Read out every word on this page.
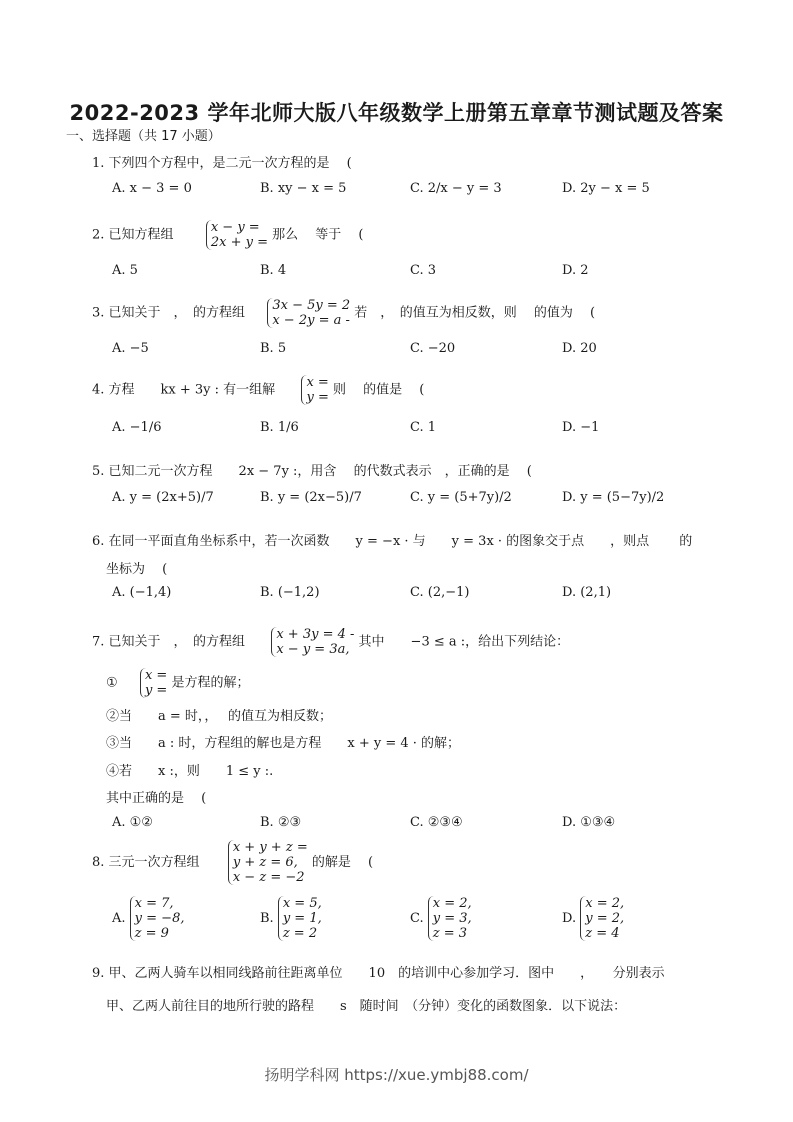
2022-2023 学年北师大版八年级数学上册第五章章节测试题及答案
一、选择题（共 17 小题）
1. 下列四个方程中，是二元一次方程的是　 (
A. x − 3 = 0	B. xy − x = 5	C. 2/x − y = 3	D. 2y − x = 5
2. 已知方程组	x − y =
2x + y = 那么　 等于　 (
A. 5	B. 4	C. 3	D. 2
3. 已知关于　，　的方程组 3x − 5y = 2
x − 2y = a - 若　，　的值互为相反数，则　 的值为　 (
A. −5	B. 5	C. −20	D. 20
4. 方程　　kx + 3y : 有一组解 x =
y = 则　 的值是　 (
A. −1/6	B. 1/6	C. 1	D. −1
5. 已知二元一次方程　　2x − 7y :，用含　 的代数式表示　，正确的是　 (
A. y = (2x+5)/7	B. y = (2x−5)/7	C. y = (5+7y)/2	D. y = (5−7y)/2
6. 在同一平面直角坐标系中，若一次函数　　y = −x · 与　　y = 3x · 的图象交于点　　，则点　　 的
坐标为　 (
A. (−1,4)	B. (−1,2)	C. (2,−1)	D. (2,1)
7. 已知关于　，　的方程组 x + 3y = 4 -
x − y = 3a, 其中　　−3 ≤ a :，给出下列结论：
① x =
y = 是方程的解；
②当　　a = 时，，　 的值互为相反数；
③当　　a : 时，方程组的解也是方程　　x + y = 4 · 的解；
④若　　x :，则　　1 ≤ y :.
其中正确的是　 (
A. ①②	B. ②③	C. ②③④	D. ①③④
8. 三元一次方程组  x + y + z =
y + z = 6,
x − z = −2 的解是　 (
A. x = 7,
y = −8,
z = 9
B. x = 5,
y = 1,
z = 2
C. x = 2,
y = 3,
z = 3
D. x = 2,
y = 2,
z = 4
9. 甲、乙两人骑车以相同线路前往距离单位　　10　的培训中心参加学习．图中　　，　　分别表示
甲、乙两人前往目的地所行驶的路程　　s　随时间　（分钟）变化的函数图象．以下说法：
扬明学科网 https://xue.ymbj88.com/
